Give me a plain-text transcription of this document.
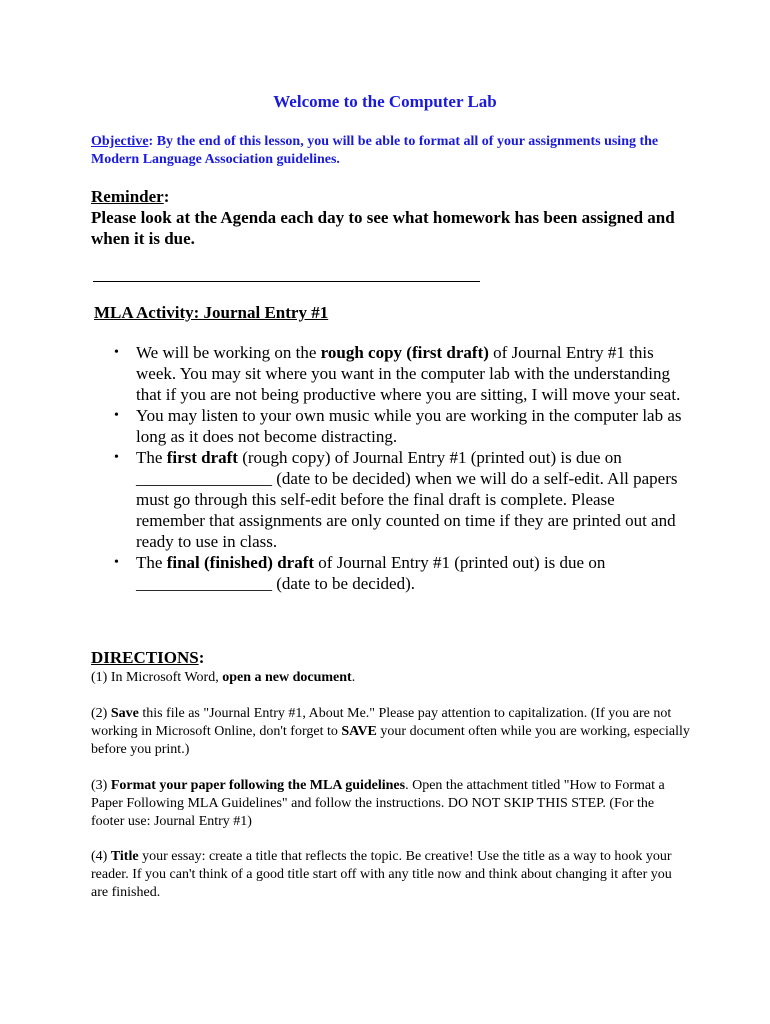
Welcome to the Computer Lab
Objective: By the end of this lesson, you will be able to format all of your assignments using the Modern Language Association guidelines.
Reminder:
Please look at the Agenda each day to see what homework has been assigned and when it is due.
MLA Activity: Journal Entry #1
• We will be working on the rough copy (first draft) of Journal Entry #1 this week. You may sit where you want in the computer lab with the understanding that if you are not being productive where you are sitting, I will move your seat.
• You may listen to your own music while you are working in the computer lab as long as it does not become distracting.
• The first draft (rough copy) of Journal Entry #1 (printed out) is due on ________________ (date to be decided) when we will do a self-edit. All papers must go through this self-edit before the final draft is complete. Please remember that assignments are only counted on time if they are printed out and ready to use in class.
• The final (finished) draft of Journal Entry #1 (printed out) is due on ________________ (date to be decided).
DIRECTIONS:
(1) In Microsoft Word, open a new document.
(2) Save this file as "Journal Entry #1, About Me." Please pay attention to capitalization. (If you are not working in Microsoft Online, don't forget to SAVE your document often while you are working, especially before you print.)
(3) Format your paper following the MLA guidelines. Open the attachment titled "How to Format a Paper Following MLA Guidelines" and follow the instructions. DO NOT SKIP THIS STEP. (For the footer use: Journal Entry #1)
(4) Title your essay: create a title that reflects the topic. Be creative! Use the title as a way to hook your reader. If you can't think of a good title start off with any title now and think about changing it after you are finished.
